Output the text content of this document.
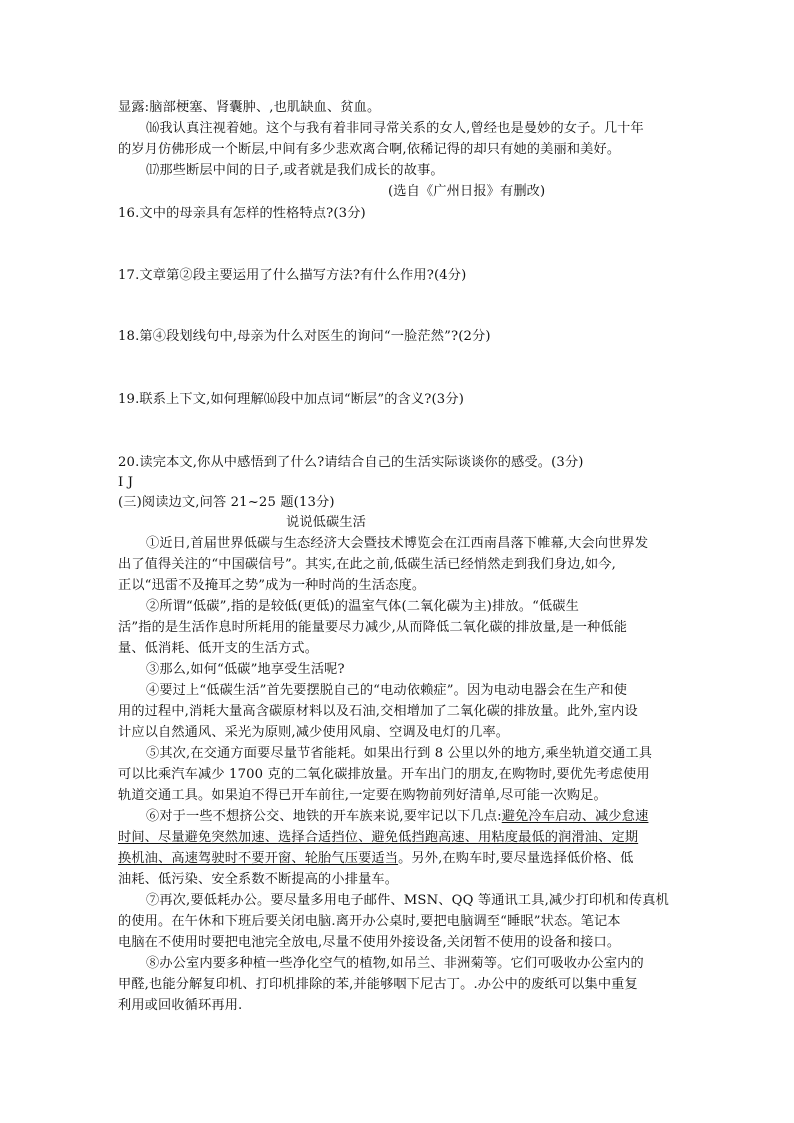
显露:脑部梗塞、肾囊肿、,也肌缺血、贫血。
⒃我认真注视着她。这个与我有着非同寻常关系的女人,曾经也是曼妙的女子。几十年
的岁月仿佛形成一个断层,中间有多少悲欢离合啊,依稀记得的却只有她的美丽和美好。
⒄那些断层中间的日子,或者就是我们成长的故事。
(选自《广州日报》有删改)
16.文中的母亲具有怎样的性格特点?(3分)
17.文章第②段主要运用了什么描写方法?有什么作用?(4分)
18.第④段划线句中,母亲为什么对医生的询问“一脸茫然”?(2分)
19.联系上下文,如何理解⒃段中加点词“断层”的含义?(3分)
20.读完本文,你从中感悟到了什么?请结合自己的生活实际谈谈你的感受。(3分)
I J
(三)阅读边文,问答 21~25 题(13分)
说说低碳生活
①近日,首届世界低碳与生态经济大会暨技术博览会在江西南昌落下帷幕,大会向世界发
出了值得关注的“中国碳信号”。其实,在此之前,低碳生活已经悄然走到我们身边,如今,
正以“迅雷不及掩耳之势”成为一种时尚的生活态度。
②所谓“低碳”,指的是较低(更低)的温室气体(二氧化碳为主)排放。“低碳生
活”指的是生活作息时所耗用的能量要尽力减少,从而降低二氧化碳的排放量,是一种低能
量、低消耗、低开支的生活方式。
③那么,如何“低碳”地享受生活呢?
④要过上“低碳生活”首先要摆脱自己的“电动依赖症”。因为电动电器会在生产和使
用的过程中,消耗大量高含碳原材料以及石油,交相增加了二氧化碳的排放量。此外,室内设
计应以自然通风、采光为原则,减少使用风扇、空调及电灯的几率。
⑤其次,在交通方面要尽量节省能耗。如果出行到 8 公里以外的地方,乘坐轨道交通工具
可以比乘汽车减少 1700 克的二氧化碳排放量。开车出门的朋友,在购物时,要优先考虑使用
轨道交通工具。如果迫不得已开车前往,一定要在购物前列好清单,尽可能一次购足。
⑥对于一些不想挤公交、地铁的开车族来说,要牢记以下几点:避免冷车启动、减少怠速
时间、尽量避免突然加速、选择合适挡位、避免低挡跑高速、用粘度最低的润滑油、定期
换机油、高速驾驶时不要开窗、轮胎气压要适当。另外,在购车时,要尽量选择低价格、低
油耗、低污染、安全系数不断提高的小排量车。
⑦再次,要低耗办公。要尽量多用电子邮件、MSN、QQ 等通讯工具,减少打印机和传真机
的使用。在午休和下班后要关闭电脑.离开办公桌时,要把电脑调至“睡眠”状态。笔记本
电脑在不使用时要把电池完全放电,尽量不使用外接设备,关闭暂不使用的设备和接口。
⑧办公室内要多种植一些净化空气的植物,如吊兰、非洲菊等。它们可吸收办公室内的
甲醛,也能分解复印机、打印机排除的苯,并能够咽下尼古丁。.办公中的废纸可以集中重复
利用或回收循环再用.
